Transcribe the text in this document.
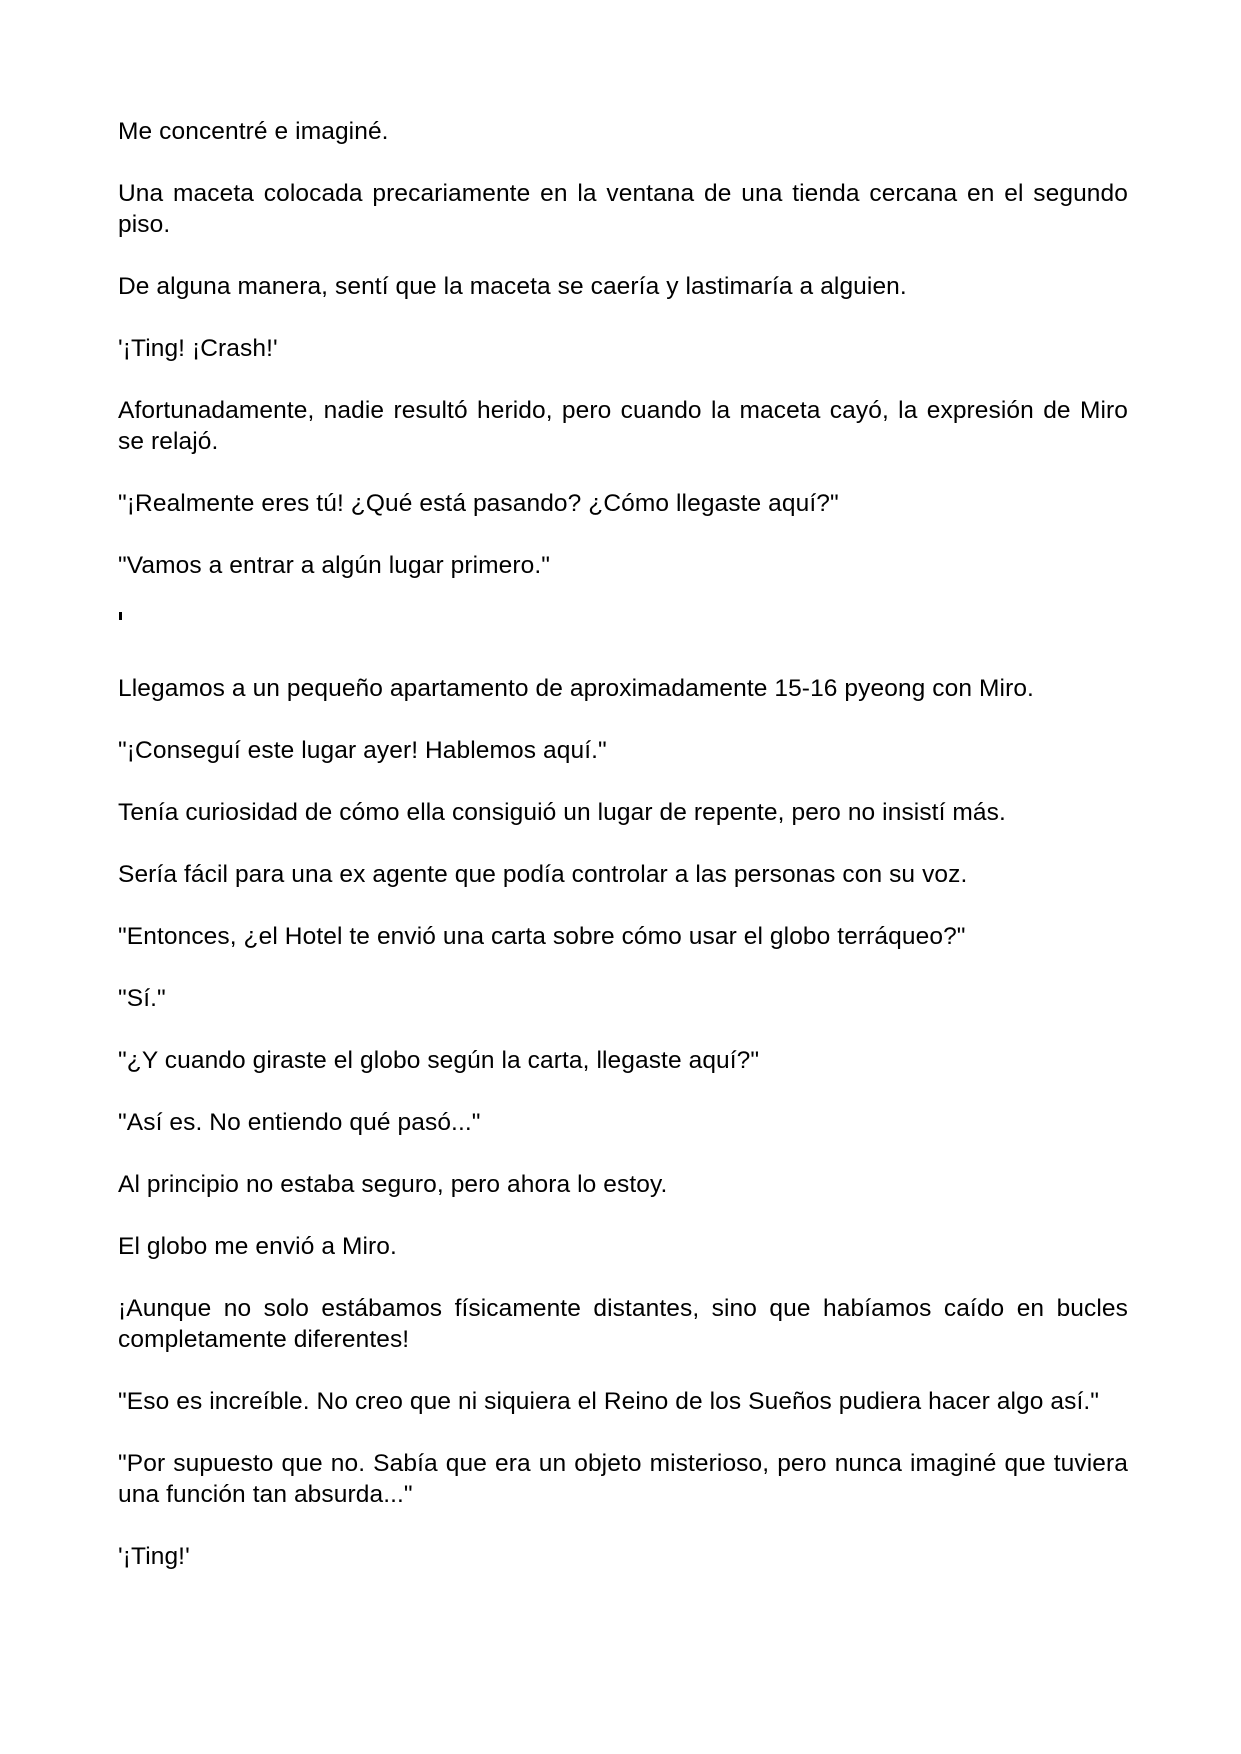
Me concentré e imaginé.

Una maceta colocada precariamente en la ventana de una tienda cercana en el segundo piso.

De alguna manera, sentí que la maceta se caería y lastimaría a alguien.

'¡Ting! ¡Crash!'

Afortunadamente, nadie resultó herido, pero cuando la maceta cayó, la expresión de Miro se relajó.

"¡Realmente eres tú! ¿Qué está pasando? ¿Cómo llegaste aquí?"

"Vamos a entrar a algún lugar primero."

Llegamos a un pequeño apartamento de aproximadamente 15-16 pyeong con Miro.

"¡Conseguí este lugar ayer! Hablemos aquí."

Tenía curiosidad de cómo ella consiguió un lugar de repente, pero no insistí más.

Sería fácil para una ex agente que podía controlar a las personas con su voz.

"Entonces, ¿el Hotel te envió una carta sobre cómo usar el globo terráqueo?"

"Sí."

"¿Y cuando giraste el globo según la carta, llegaste aquí?"

"Así es. No entiendo qué pasó..."

Al principio no estaba seguro, pero ahora lo estoy.

El globo me envió a Miro.

¡Aunque no solo estábamos físicamente distantes, sino que habíamos caído en bucles completamente diferentes!

"Eso es increíble. No creo que ni siquiera el Reino de los Sueños pudiera hacer algo así."

"Por supuesto que no. Sabía que era un objeto misterioso, pero nunca imaginé que tuviera una función tan absurda..."

'¡Ting!'
